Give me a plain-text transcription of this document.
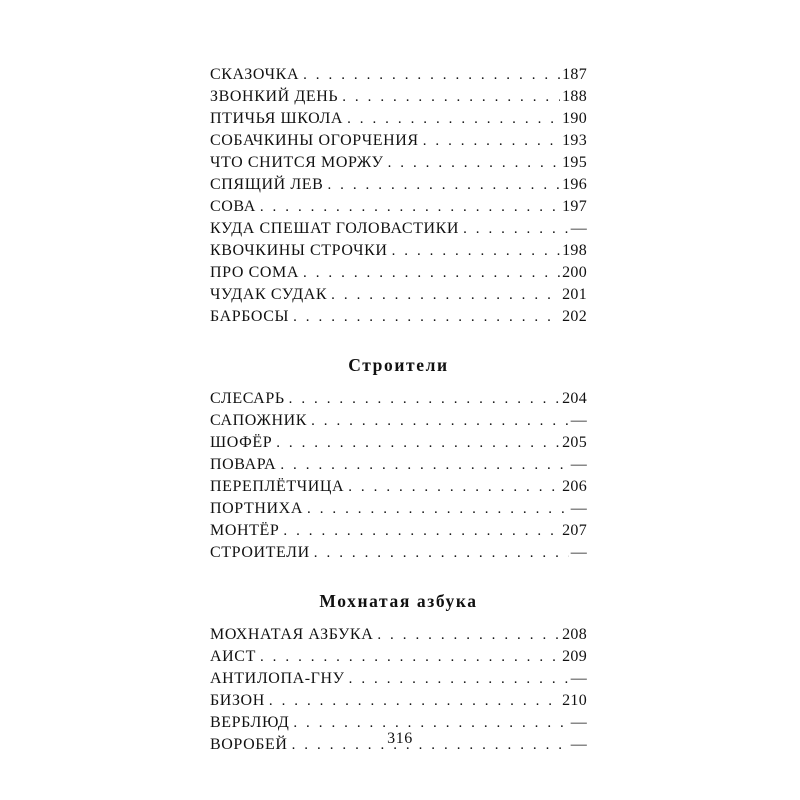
СКАЗОЧКА . . .	187
ЗВОНКИЙ ДЕНЬ . . .	188
ПТИЧЬЯ ШКОЛА . . .	190
СОБАЧКИНЫ ОГОРЧЕНИЯ . . .	193
ЧТО СНИТСЯ МОРЖУ . . .	195
СПЯЩИЙ ЛЕВ . . .	196
СОВА . . .	197
КУДА СПЕШАТ ГОЛОВАСТИКИ . . .	—
КВОЧКИНЫ СТРОЧКИ . . .	198
ПРО СОМА . . .	200
ЧУДАК СУДАК . . .	201
БАРБОСЫ . . .	202
Строители
СЛЕСАРЬ . . .	204
САПОЖНИК . . .	—
ШОФЁР . . .	205
ПОВАРА . . .	—
ПЕРЕПЛЁТЧИЦА . . .	206
ПОРТНИХА . . .	—
МОНТЁР . . .	207
СТРОИТЕЛИ . . .	—
Мохнатая азбука
МОХНАТАЯ АЗБУКА . . .	208
АИСТ . . .	209
АНТИЛОПА-ГНУ . . .	—
БИЗОН . . .	210
ВЕРБЛЮД . . .	—
ВОРОБЕЙ . . .	—
316
